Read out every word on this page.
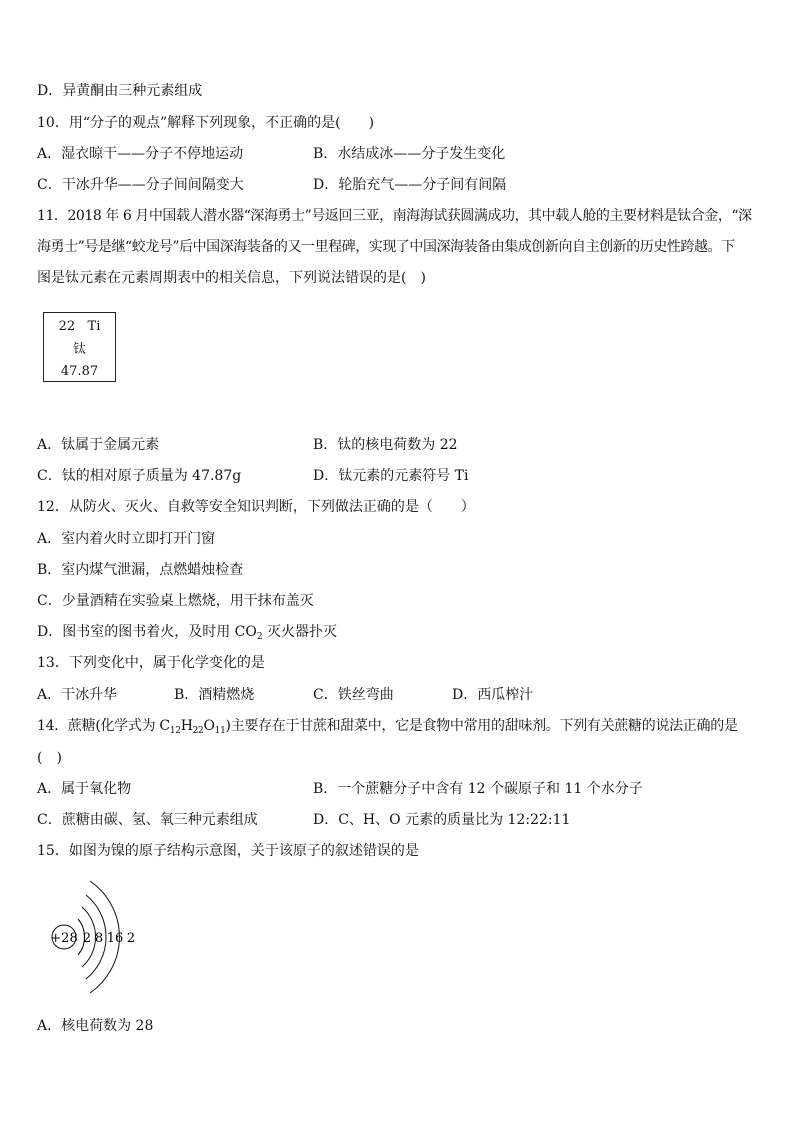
D．异黄酮由三种元素组成
10．用“分子的观点”解释下列现象，不正确的是(　　)
A．湿衣晾干——分子不停地运动	B．水结成冰——分子发生变化
C．干冰升华——分子间间隔变大	D．轮胎充气——分子间有间隔
11．2018 年 6 月中国载人潜水器“深海勇士”号返回三亚，南海海试获圆满成功，其中载人舱的主要材料是钛合金，“深
海勇士”号是继“蛟龙号”后中国深海装备的又一里程碑，实现了中国深海装备由集成创新向自主创新的历史性跨越。下
图是钛元素在元素周期表中的相关信息，下列说法错误的是(　)
22 Ti
钛
47.87
A．钛属于金属元素	B．钛的核电荷数为 22
C．钛的相对原子质量为 47.87g	D．钛元素的元素符号 Ti
12．从防火、灭火、自救等安全知识判断，下列做法正确的是（　　）
A．室内着火时立即打开门窗
B．室内煤气泄漏，点燃蜡烛检查
C．少量酒精在实验桌上燃烧，用干抹布盖灭
D．图书室的图书着火，及时用 $CO_2$ 灭火器扑灭
13．下列变化中，属于化学变化的是
A．干冰升华	B．酒精燃烧	C．铁丝弯曲	D．西瓜榨汁
14．蔗糖(化学式为 $C_{12}H_{22}O_{11}$)主要存在于甘蔗和甜菜中，它是食物中常用的甜味剂。下列有关蔗糖的说法正确的是
(　)
A．属于氧化物	B．一个蔗糖分子中含有 12 个碳原子和 11 个水分子
C．蔗糖由碳、氢、氧三种元素组成	D．C、H、O 元素的质量比为 12:22:11
15．如图为镍的原子结构示意图，关于该原子的叙述错误的是
+28 2 8 16 2
A．核电荷数为 28
